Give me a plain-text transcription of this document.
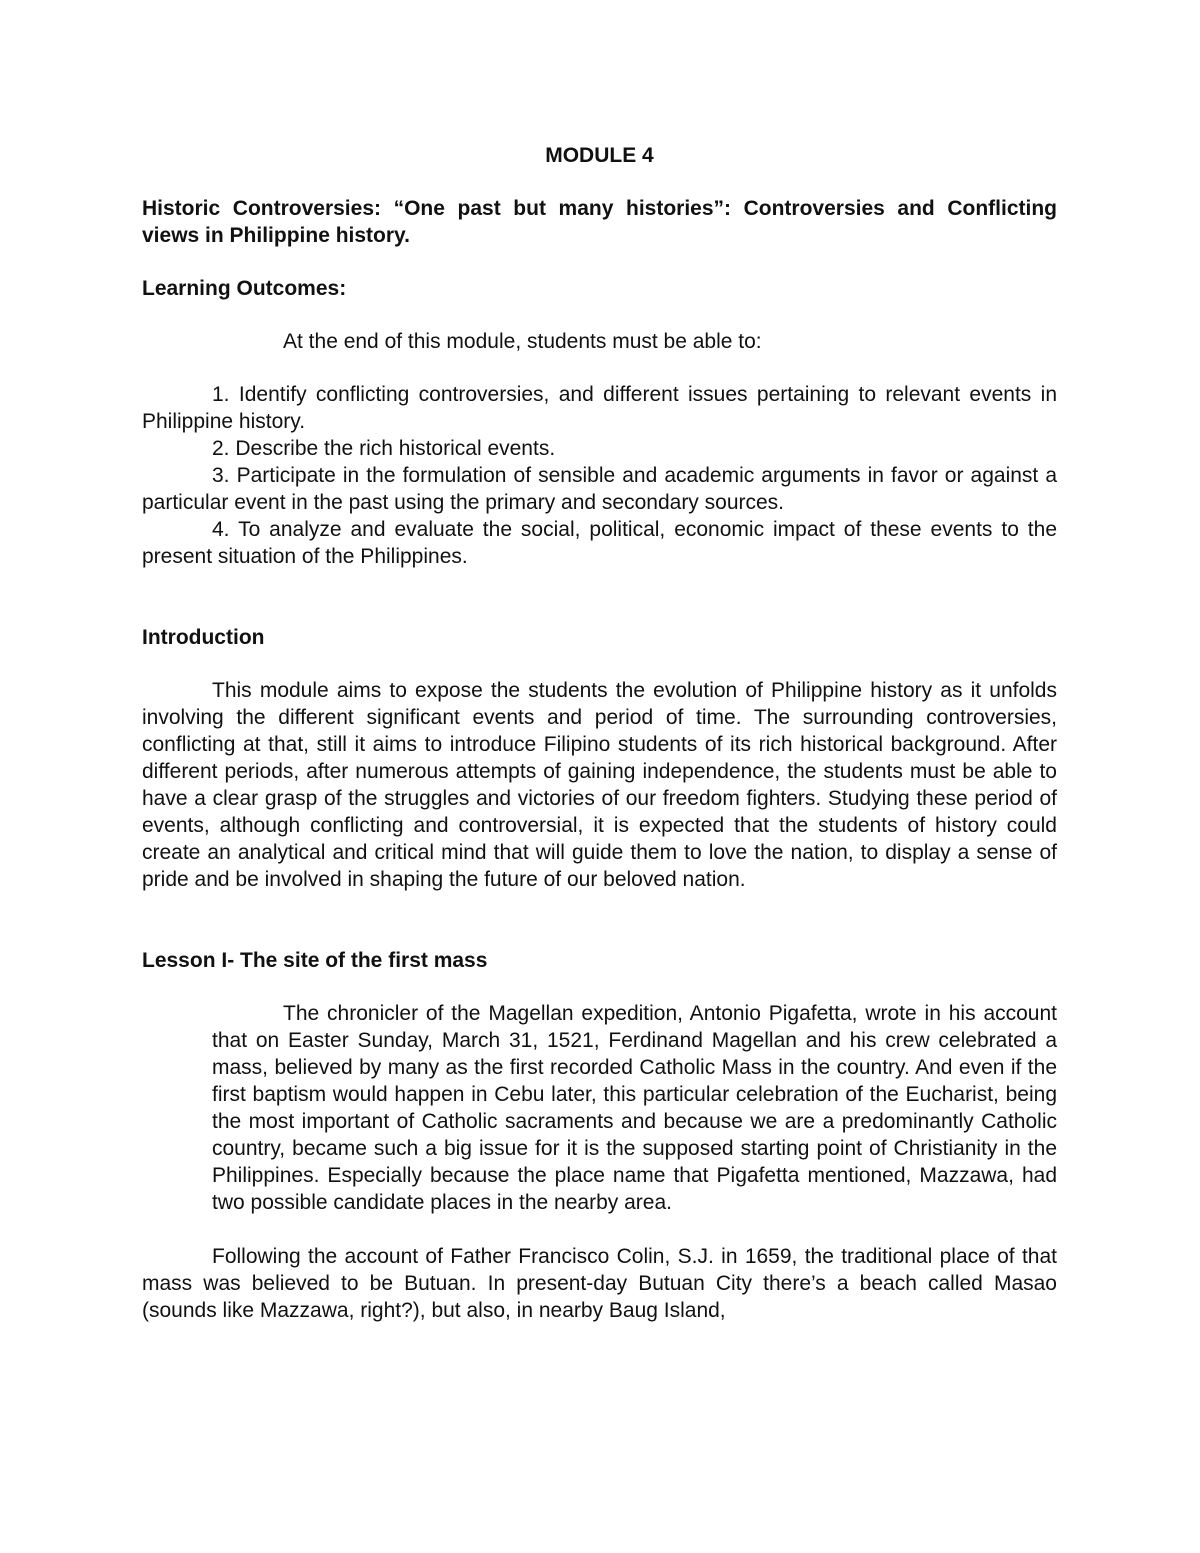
MODULE 4

Historic Controversies: “One past but many histories”: Controversies and Conflicting views in Philippine history.

Learning Outcomes:

At the end of this module, students must be able to:

1. Identify conflicting controversies, and different issues pertaining to relevant events in Philippine history.

2. Describe the rich historical events.

3. Participate in the formulation of sensible and academic arguments in favor or against a particular event in the past using the primary and secondary sources.

4. To analyze and evaluate the social, political, economic impact of these events to the present situation of the Philippines.

Introduction

This module aims to expose the students the evolution of Philippine history as it unfolds involving the different significant events and period of time. The surrounding controversies, conflicting at that, still it aims to introduce Filipino students of its rich historical background. After different periods, after numerous attempts of gaining independence, the students must be able to have a clear grasp of the struggles and victories of our freedom fighters. Studying these period of events, although conflicting and controversial, it is expected that the students of history could create an analytical and critical mind that will guide them to love the nation, to display a sense of pride and be involved in shaping the future of our beloved nation.

Lesson I- The site of the first mass

The chronicler of the Magellan expedition, Antonio Pigafetta, wrote in his account that on Easter Sunday, March 31, 1521, Ferdinand Magellan and his crew celebrated a mass, believed by many as the first recorded Catholic Mass in the country. And even if the first baptism would happen in Cebu later, this particular celebration of the Eucharist, being the most important of Catholic sacraments and because we are a predominantly Catholic country, became such a big issue for it is the supposed starting point of Christianity in the Philippines. Especially because the place name that Pigafetta mentioned, Mazzawa, had two possible candidate places in the nearby area.

Following the account of Father Francisco Colin, S.J. in 1659, the traditional place of that mass was believed to be Butuan. In present-day Butuan City there’s a beach called Masao (sounds like Mazzawa, right?), but also, in nearby Baug Island,
